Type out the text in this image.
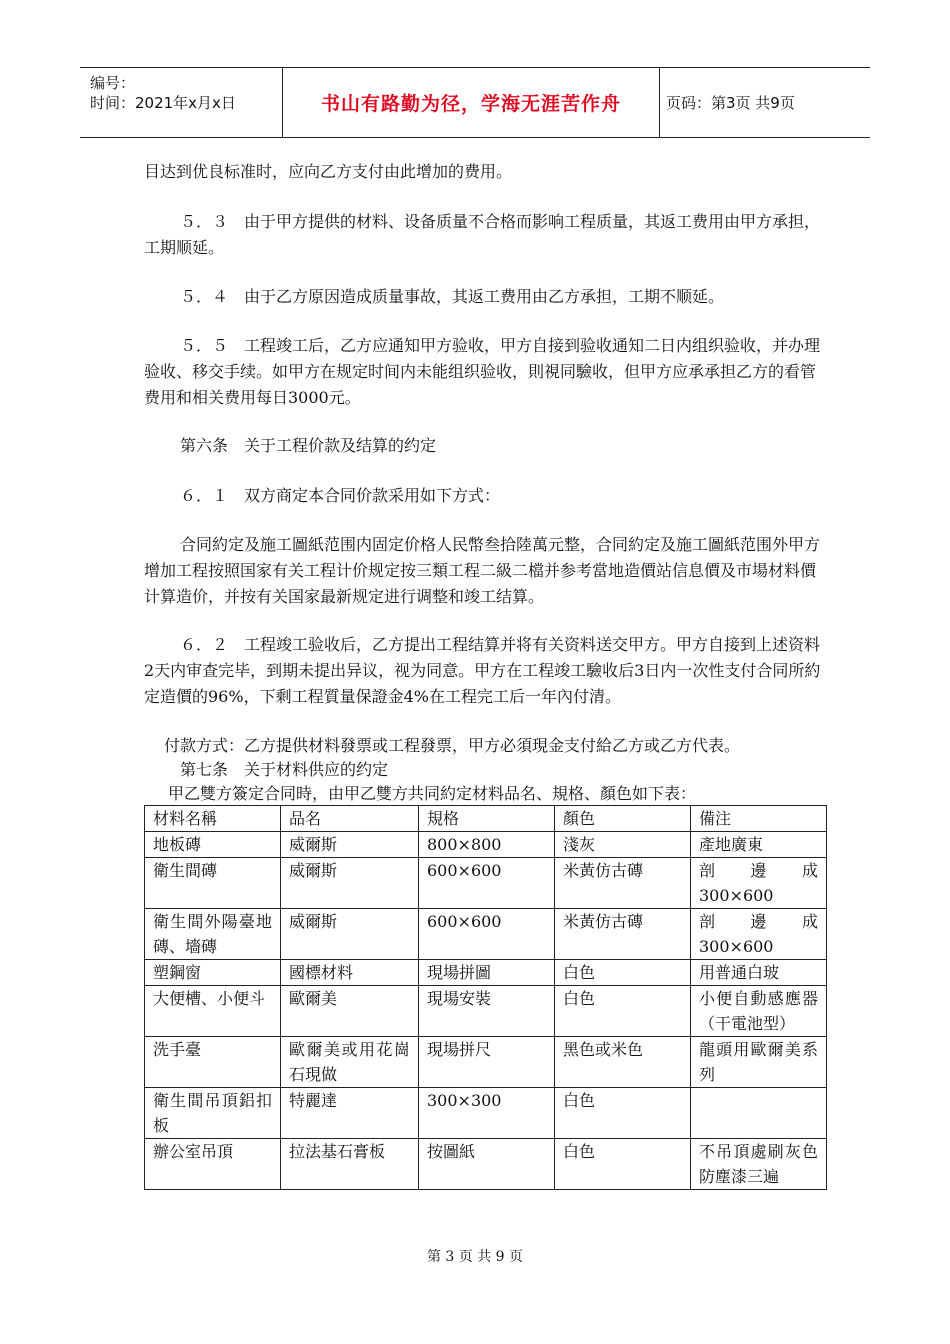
编号：
时间：2021年x月x日	书山有路勤为径，学海无涯苦作舟	页码：第3页 共9页

目达到优良标准时，应向乙方支付由此增加的费用。

５．３　由于甲方提供的材料、设备质量不合格而影响工程质量，其返工费用由甲方承担，工期顺延。

５．４　由于乙方原因造成质量事故，其返工费用由乙方承担，工期不顺延。

５．５　工程竣工后，乙方应通知甲方验收，甲方自接到验收通知二日内组织验收，并办理验收、移交手续。如甲方在规定时间内未能组织验收，則視同驗收，但甲方应承承担乙方的看管费用和相关费用每日3000元。

第六条　关于工程价款及结算的约定

６．１　双方商定本合同价款采用如下方式：

合同約定及施工圖紙范围内固定价格人民幣叁拾陸萬元整，合同約定及施工圖紙范围外甲方增加工程按照国家有关工程计价规定按三類工程二級二檔并参考當地造價站信息價及市場材料價计算造价，并按有关国家最新规定进行调整和竣工结算。

６．２　工程竣工验收后，乙方提出工程结算并将有关资料送交甲方。甲方自接到上述资料2天内审查完毕，到期未提出异议，视为同意。甲方在工程竣工驗收后3日内一次性支付合同所約定造價的96%，下剩工程質量保證金4%在工程完工后一年內付清。

付款方式：乙方提供材料發票或工程發票，甲方必須現金支付給乙方或乙方代表。

第七条　关于材料供应的约定

甲乙雙方簽定合同時，由甲乙雙方共同約定材料品名、規格、顏色如下表：

材料名稱	品名	規格	顏色	備注
地板磚	威爾斯	800×800	淺灰	產地廣東
衛生間磚	威爾斯	600×600	米黃仿古磚	剖邊成300×600
衛生間外陽臺地磚、墻磚	威爾斯	600×600	米黃仿古磚	剖邊成300×600
塑鋼窗	國標材料	現場拼圖	白色	用普通白玻
大便槽、小便斗	歐爾美	現場安裝	白色	小便自動感應器（干電池型）
洗手臺	歐爾美或用花崗石現做	現場拼尺	黑色或米色	龍頭用歐爾美系列
衛生間吊頂鋁扣板	特麗達	300×300	白色	
辦公室吊頂	拉法基石膏板	按圖紙	白色	不吊頂處刷灰色防塵漆三遍
第 3 页 共 9 页
